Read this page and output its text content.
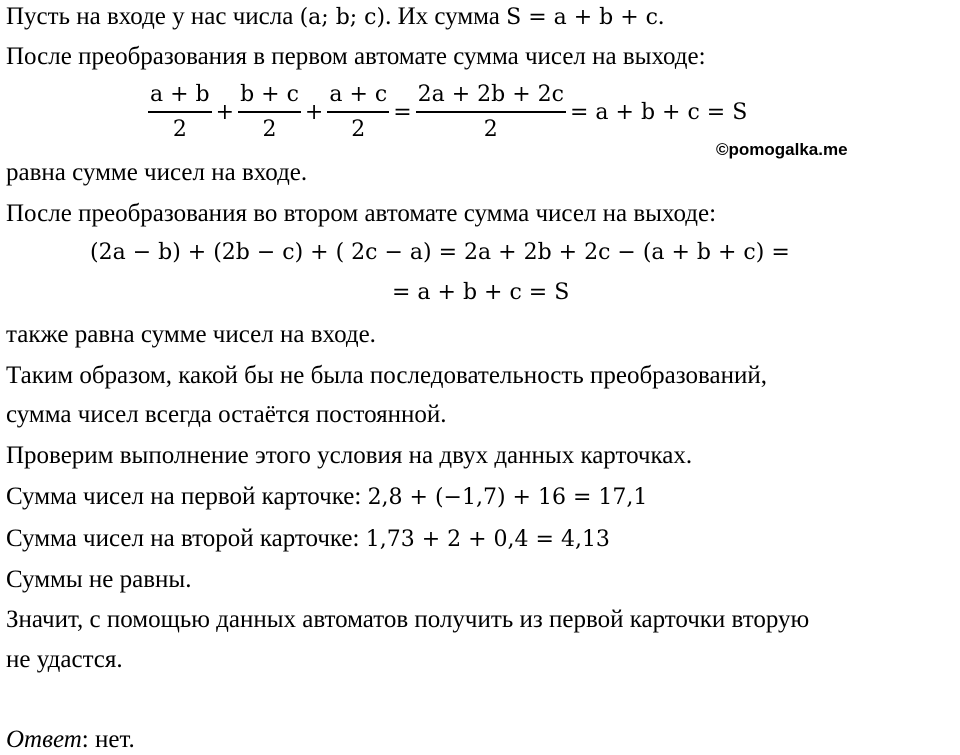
Пусть на входе у нас числа (a; b; c). Их сумма S = a + b + c.
После преобразования в первом автомате сумма чисел на выходе:
$\frac{a + b}{2} + \frac{b + c}{2} + \frac{a + c}{2} = \frac{2a + 2b + 2c}{2} = a + b + c = S$
©pomogalka.me
равна сумме чисел на входе.
После преобразования во втором автомате сумма чисел на выходе:
(2a − b) + (2b − c) + ( 2c − a) = 2a + 2b + 2c − (a + b + c) =
= a + b + c = S
также равна сумме чисел на входе.
Таким образом, какой бы не была последовательность преобразований,
сумма чисел всегда остаётся постоянной.
Проверим выполнение этого условия на двух данных карточках.
Сумма чисел на первой карточке: 2,8 + (−1,7) + 16 = 17,1
Сумма чисел на второй карточке: 1,73 + 2 + 0,4 = 4,13
Суммы не равны.
Значит, с помощью данных автоматов получить из первой карточки вторую
не удастся.
Ответ: нет.
